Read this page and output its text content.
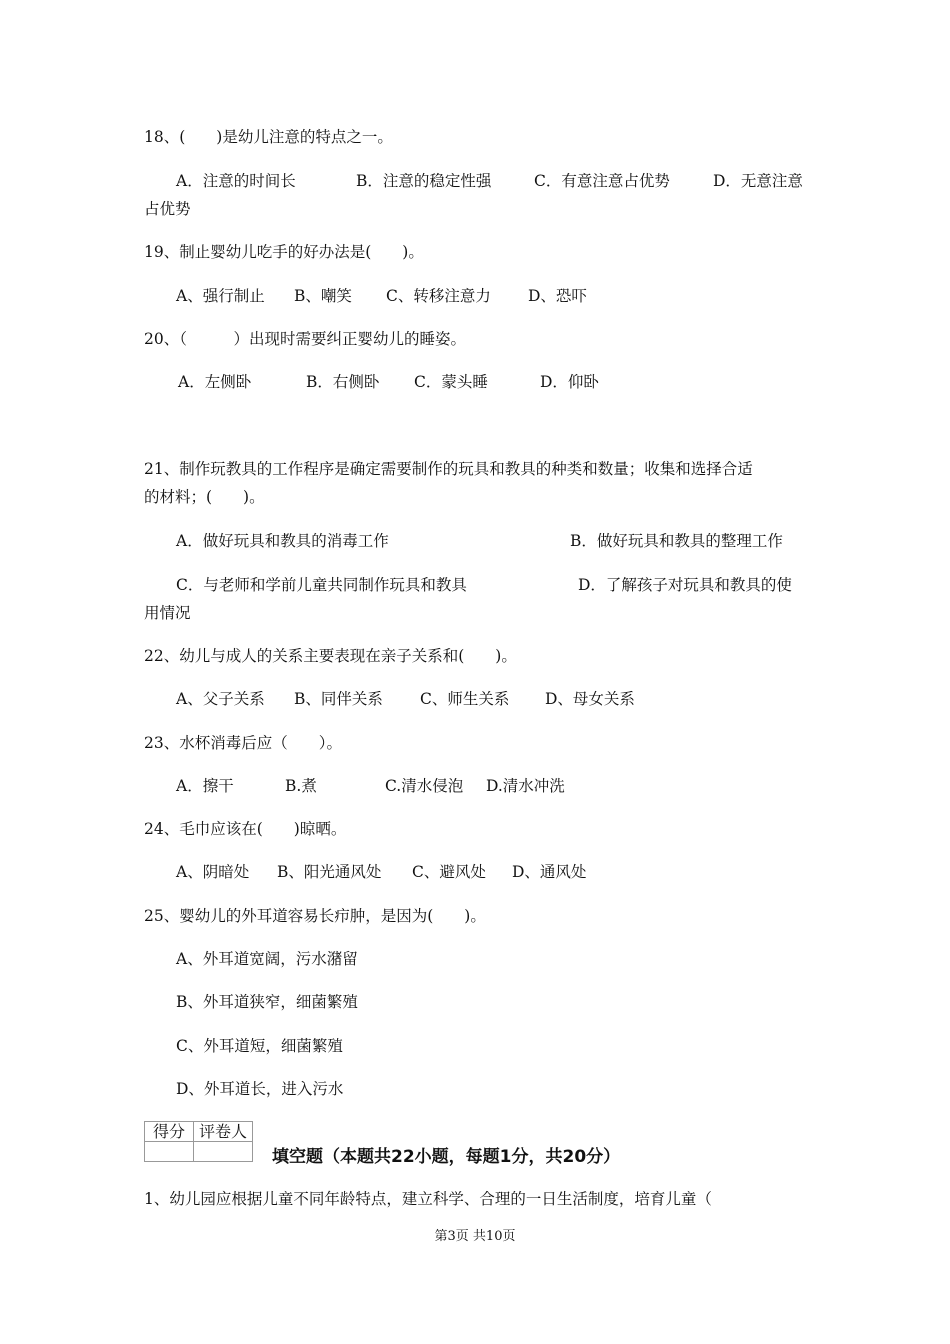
18、(　　)是幼儿注意的特点之一。
A．注意的时间长	B．注意的稳定性强	C．有意注意占优势	D．无意注意
占优势
19、制止婴幼儿吃手的好办法是(　　)。
A、强行制止 B、嘲笑 C、转移注意力 D、恐吓
20、（　　　）出现时需要纠正婴幼儿的睡姿。
A．左侧卧	B．右侧卧 C．蒙头睡	D．仰卧
21、制作玩教具的工作程序是确定需要制作的玩具和教具的种类和数量；收集和选择合适
的材料；(　　)。
A．做好玩具和教具的消毒工作	B．做好玩具和教具的整理工作
C．与老师和学前儿童共同制作玩具和教具	D．了解孩子对玩具和教具的使
用情况
22、幼儿与成人的关系主要表现在亲子关系和(　　)。
A、父子关系 B、同伴关系 C、师生关系 D、母女关系
23、水杯消毒后应（　　）。
A．擦干	B.煮	C.清水侵泡 D.清水冲洗
24、毛巾应该在(　　)晾晒。
A、阴暗处 B、阳光通风处 C、避风处 D、通风处
25、婴幼儿的外耳道容易长疖肿，是因为(　　)。
A、外耳道宽阔，污水潴留
B、外耳道狭窄，细菌繁殖
C、外耳道短，细菌繁殖
D、外耳道长，进入污水
得分	评卷人

填空题（本题共22小题，每题1分，共20分）
1、幼儿园应根据儿童不同年龄特点，建立科学、合理的一日生活制度，培育儿童（
第3页 共10页
